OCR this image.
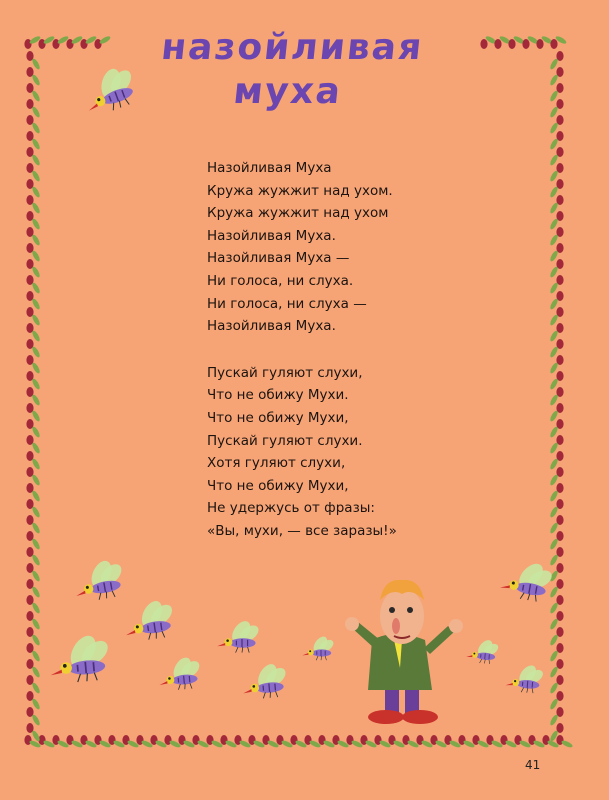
назойливая муха
Назойливая Муха
Кружа жужжит над ухом.
Кружа жужжит над ухом
Назойливая Муха.
Назойливая Муха —
Ни голоса, ни слуха.
Ни голоса, ни слуха —
Назойливая Муха.
Пускай гуляют слухи,
Что не обижу Мухи.
Что не обижу Мухи,
Пускай гуляют слухи.
Хотя гуляют слухи,
Что не обижу Мухи,
Не удержусь от фразы:
«Вы, мухи, — все заразы!»
41
